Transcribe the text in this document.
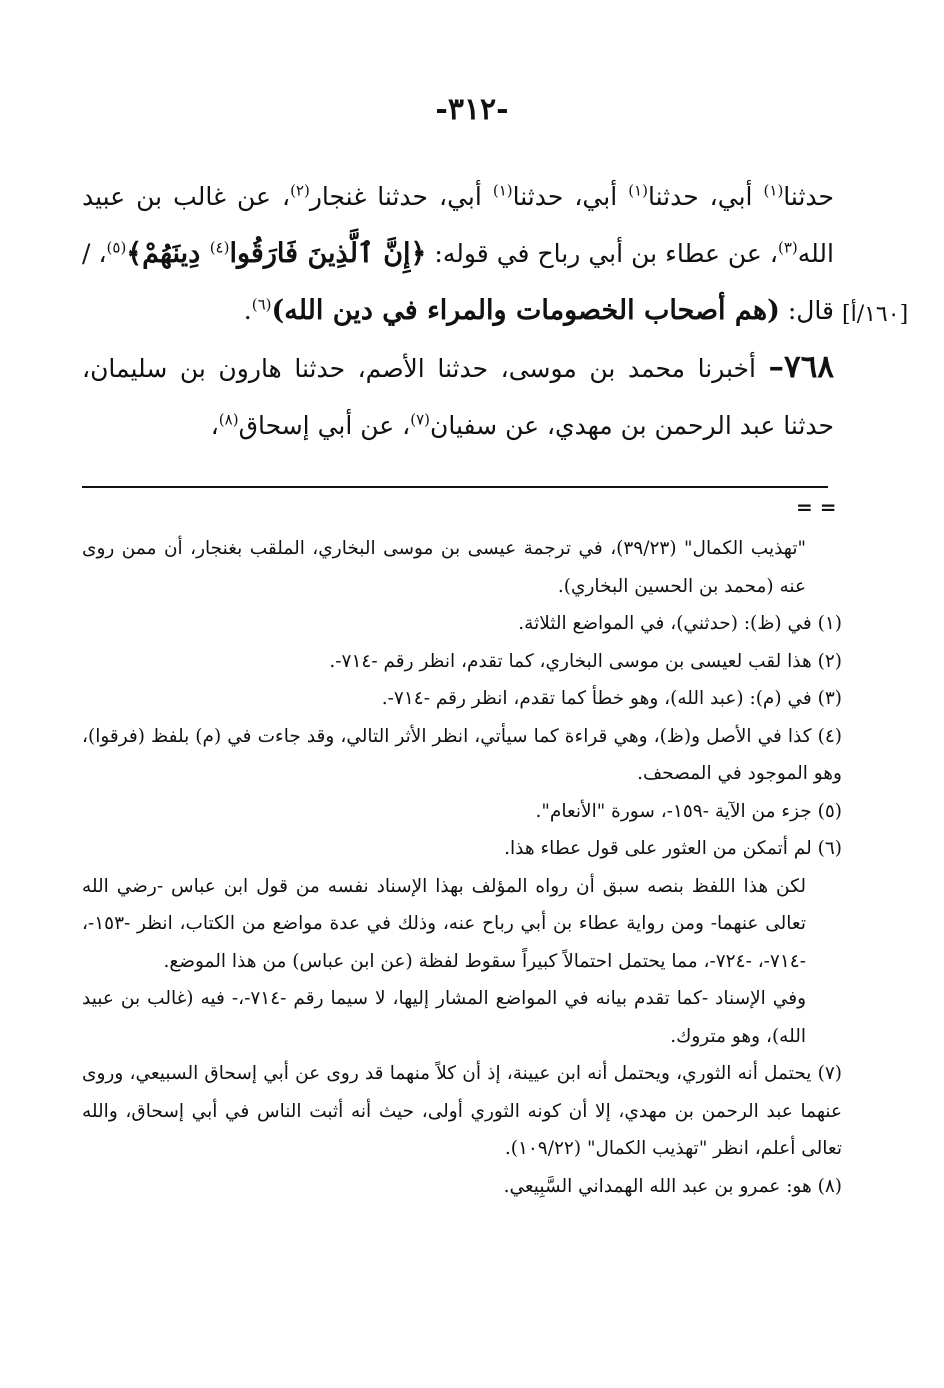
-٣١٢-

حدثنا$^{(١)}$ أبي، حدثنا$^{(١)}$ أبي، حدثنا$^{(١)}$ أبي، حدثنا غنجار$^{(٢)}$، عن غالب بن عبيد الله$^{(٣)}$، عن عطاء بن أبي رباح في قوله: ﴿إِنَّ ٱلَّذِينَ فَارَقُوا$^{(٤)}$ دِينَهُمْ﴾$^{(٥)}$، / قال: (هم أصحاب الخصومات والمراء في دين الله)$^{(٦)}$.

٧٦٨– أخبرنا محمد بن موسى، حدثنا الأصم، حدثنا هارون بن سليمان، حدثنا عبد الرحمن بن مهدي، عن سفيان$^{(٧)}$، عن أبي إسحاق$^{(٨)}$،

[١٦٠/أ]
= =

"تهذيب الكمال" (٣٩/٢٣)، في ترجمة عيسى بن موسى البخاري، الملقب بغنجار، أن ممن روى عنه (محمد بن الحسين البخاري).

(١) في (ظ): (حدثني)، في المواضع الثلاثة.

(٢) هذا لقب لعيسى بن موسى البخاري، كما تقدم، انظر رقم -٧١٤-.

(٣) في (م): (عبد الله)، وهو خطأ كما تقدم، انظر رقم -٧١٤-.

(٤) كذا في الأصل و(ظ)، وهي قراءة كما سيأتي، انظر الأثر التالي، وقد جاءت في (م) بلفظ (فرقوا)، وهو الموجود في المصحف.

(٥) جزء من الآية -١٥٩-، سورة "الأنعام".

(٦) لم أتمكن من العثور على قول عطاء هذا.

لكن هذا اللفظ بنصه سبق أن رواه المؤلف بهذا الإسناد نفسه من قول ابن عباس -رضي الله تعالى عنهما- ومن رواية عطاء بن أبي رباح عنه، وذلك في عدة مواضع من الكتاب، انظر -١٥٣-، -٧١٤-، -٧٢٤-، مما يحتمل احتمالاً كبيراً سقوط لفظة (عن ابن عباس) من هذا الموضع.

وفي الإسناد -كما تقدم بيانه في المواضع المشار إليها، لا سيما رقم -٧١٤-،- فيه (غالب بن عبيد الله)، وهو متروك.

(٧) يحتمل أنه الثوري، ويحتمل أنه ابن عيينة، إذ أن كلاً منهما قد روى عن أبي إسحاق السبيعي، وروى عنهما عبد الرحمن بن مهدي، إلا أن كونه الثوري أولى، حيث أنه أثبت الناس في أبي إسحاق، والله تعالى أعلم، انظر "تهذيب الكمال" (١٠٩/٢٢).

(٨) هو: عمرو بن عبد الله الهمداني السَّبِيعي.
